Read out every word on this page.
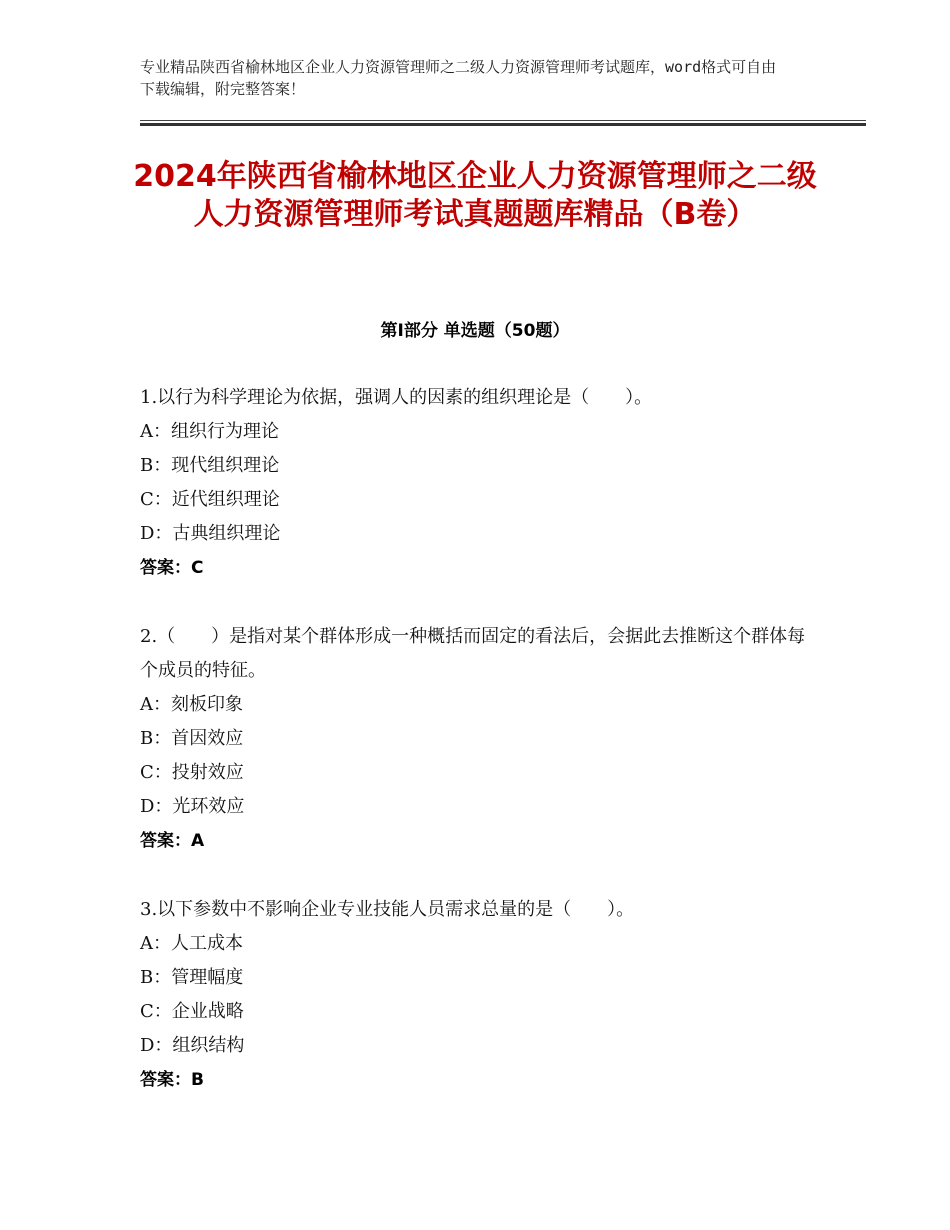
专业精品陕西省榆林地区企业人力资源管理师之二级人力资源管理师考试题库，word格式可自由下载编辑，附完整答案！
2024年陕西省榆林地区企业人力资源管理师之二级人力资源管理师考试真题题库精品（B卷）
第Ⅰ部分 单选题（50题）
1.以行为科学理论为依据，强调人的因素的组织理论是（　　）。
A：组织行为理论
B：现代组织理论
C：近代组织理论
D：古典组织理论
答案：C
2.（　　）是指对某个群体形成一种概括而固定的看法后，会据此去推断这个群体每个成员的特征。
A：刻板印象
B：首因效应
C：投射效应
D：光环效应
答案：A
3.以下参数中不影响企业专业技能人员需求总量的是（　　）。
A：人工成本
B：管理幅度
C：企业战略
D：组织结构
答案：B
